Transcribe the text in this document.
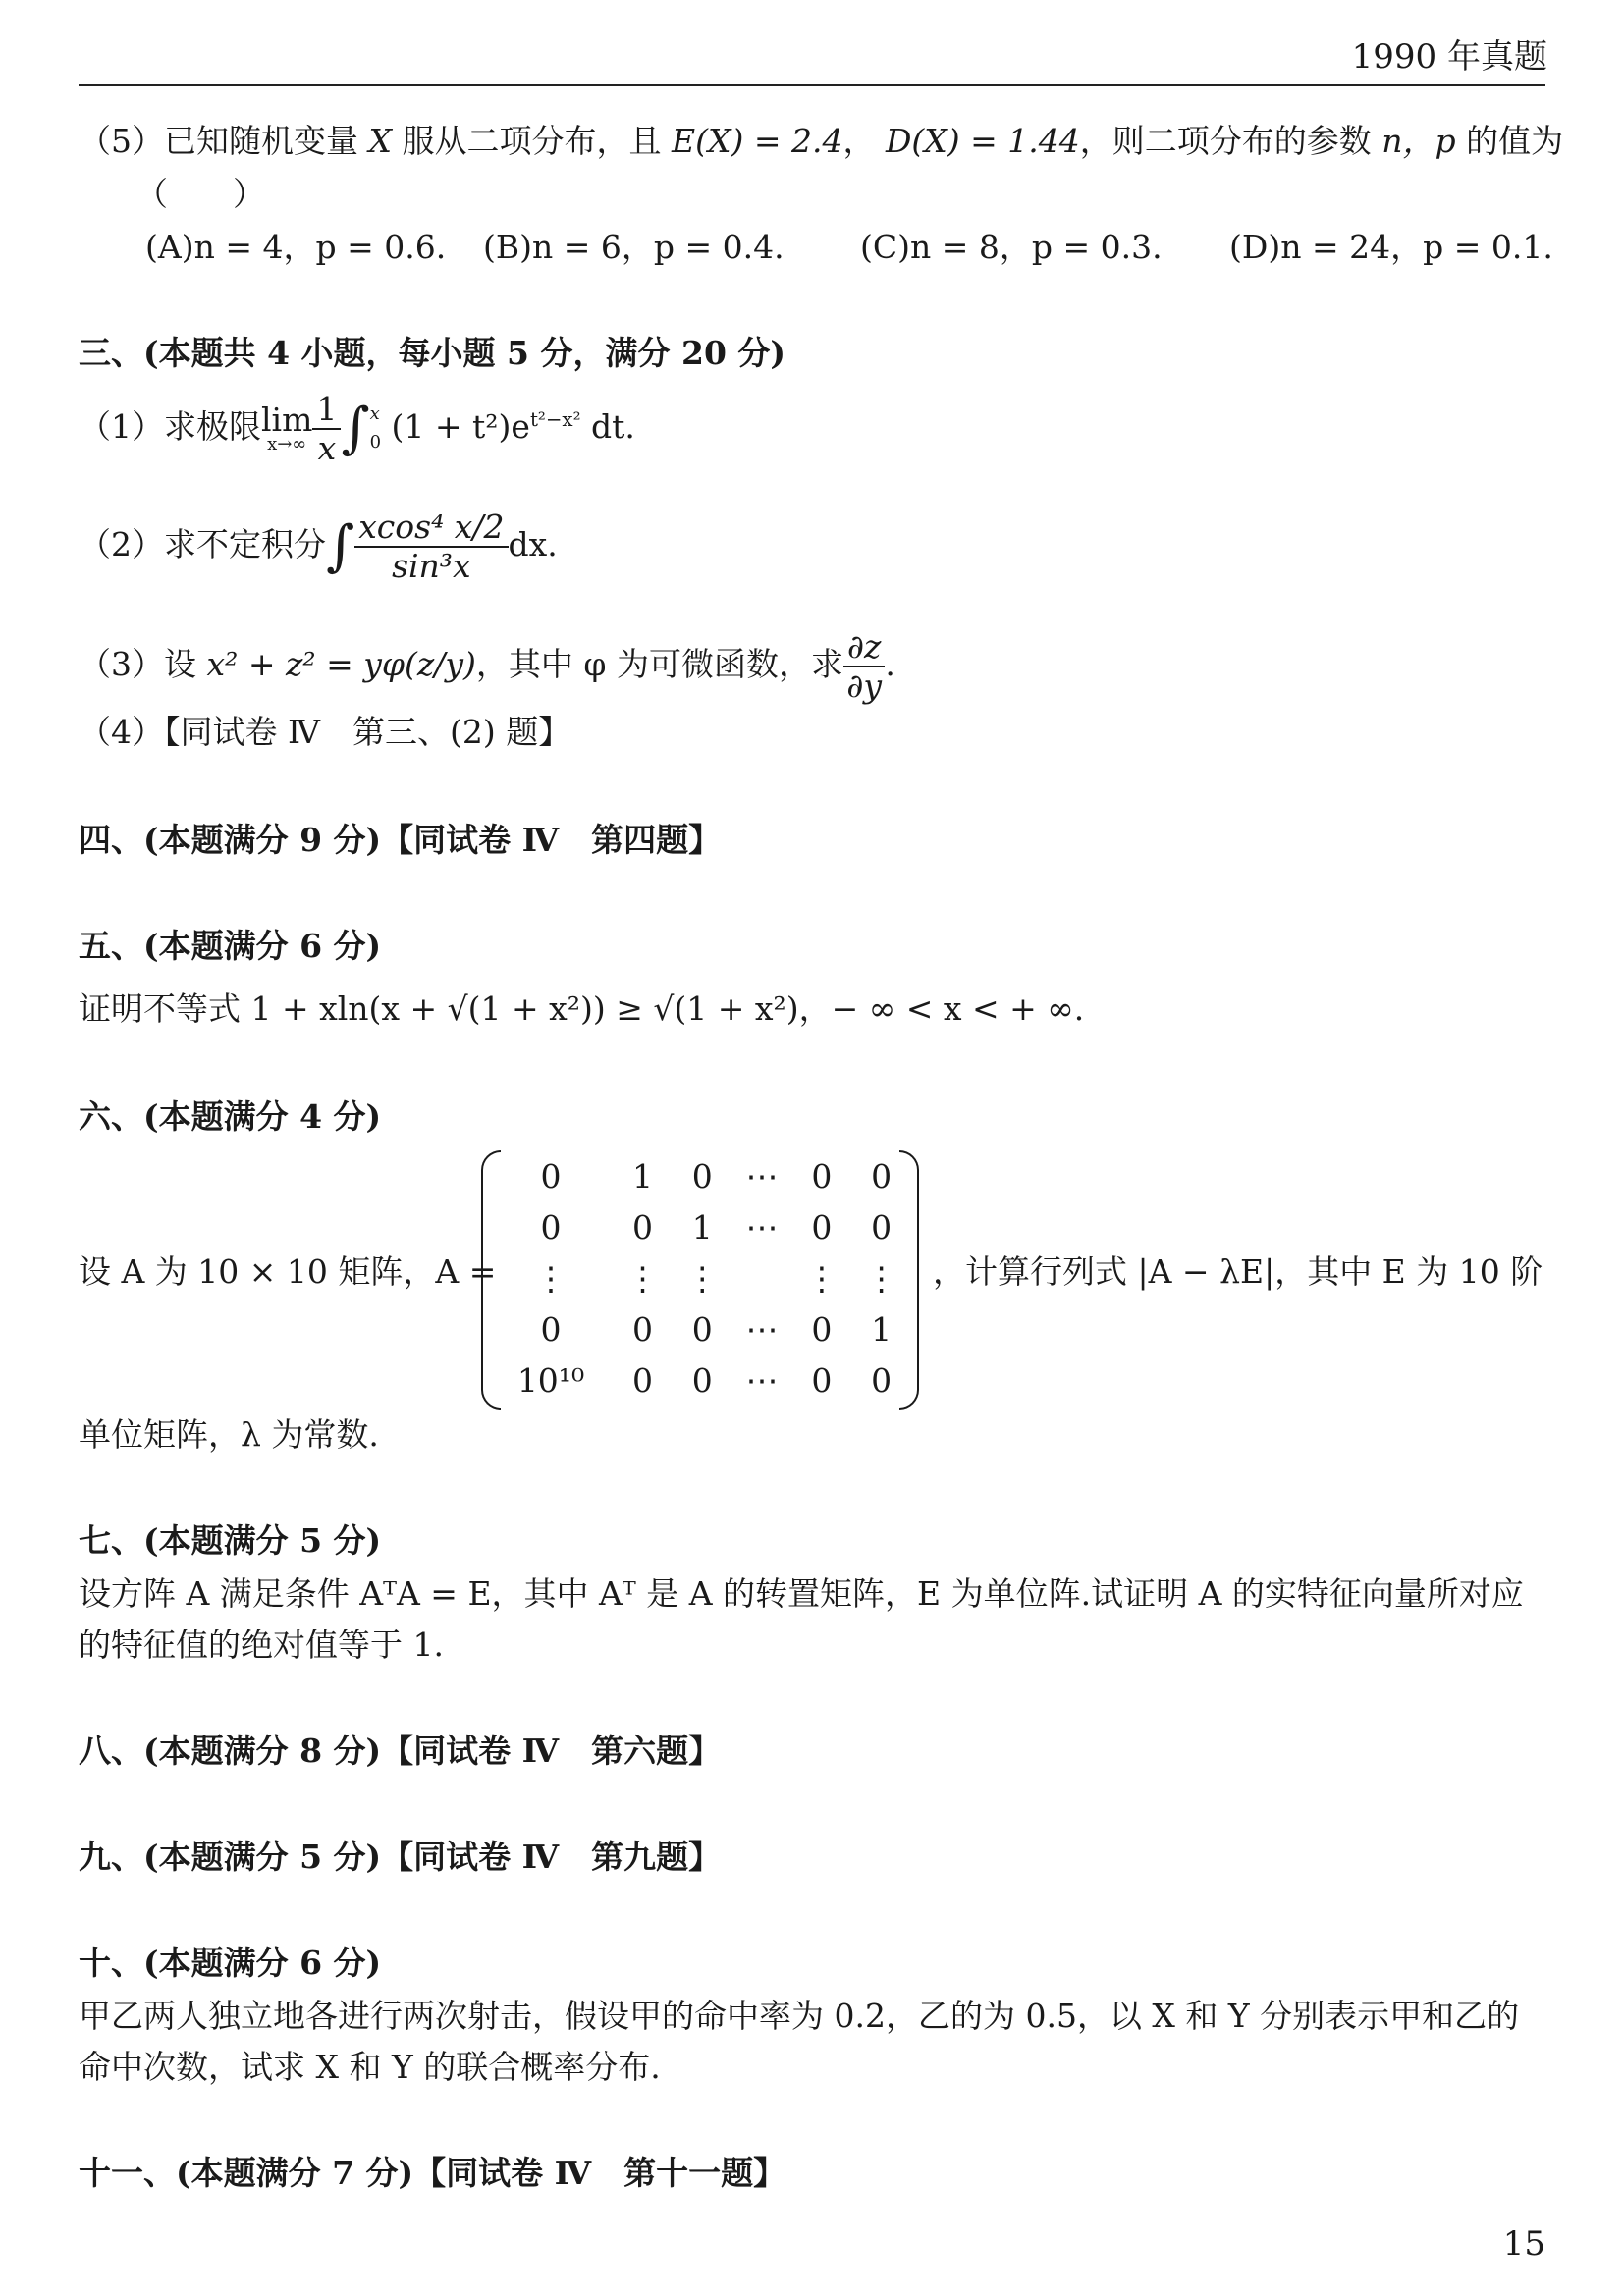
1990 年真题
（5）已知随机变量 X 服从二项分布，且 E(X) = 2.4， D(X) = 1.44，则二项分布的参数 n，p 的值为
（　　）
(A)n = 4，p = 0.6. (B)n = 6，p = 0.4. (C)n = 8，p = 0.3. (D)n = 24，p = 0.1.
三、(本题共 4 小题，每小题 5 分，满分 20 分)
（1）求极限 lim
$x\to\infty \frac{1}{x}$ ∫ x
0 $(1 + t^2)e^{t^2-x^2}$ dt.
（2）求不定积分∫ $\frac{\text{xcos⁴ x/2}}{\text{sin³x}}$ dx.
（3）设 x² + z² = yφ(z/y)，其中 φ 为可微函数，求 $\frac{\partial z}{\partial y}$ .
（4）【同试卷 Ⅳ　第三、(2) 题】
四、(本题满分 9 分)【同试卷 Ⅳ　第四题】
五、(本题满分 6 分)
证明不等式 1 + xln(x + √(1 + x²)) ≥ √(1 + x²)，− ∞ < x < + ∞.
六、(本题满分 4 分)
设 A 为 10 × 10 矩阵，A =
0	1	0	⋯	0	0
0	0	1	⋯	0	0
⋮	⋮	⋮		⋮	⋮
0	0	0	⋯	0	1
10¹⁰	0	0	⋯	0	0
，计算行列式 |A − λE|，其中 E 为 10 阶
单位矩阵，λ 为常数.
七、(本题满分 5 分)
设方阵 A 满足条件 AᵀA = E，其中 Aᵀ 是 A 的转置矩阵，E 为单位阵.试证明 A 的实特征向量所对应
的特征值的绝对值等于 1.
八、(本题满分 8 分)【同试卷 Ⅳ　第六题】
九、(本题满分 5 分)【同试卷 Ⅳ　第九题】
十、(本题满分 6 分)
甲乙两人独立地各进行两次射击，假设甲的命中率为 0.2，乙的为 0.5，以 X 和 Y 分别表示甲和乙的
命中次数，试求 X 和 Y 的联合概率分布.
十一、(本题满分 7 分)【同试卷 Ⅳ　第十一题】
15
